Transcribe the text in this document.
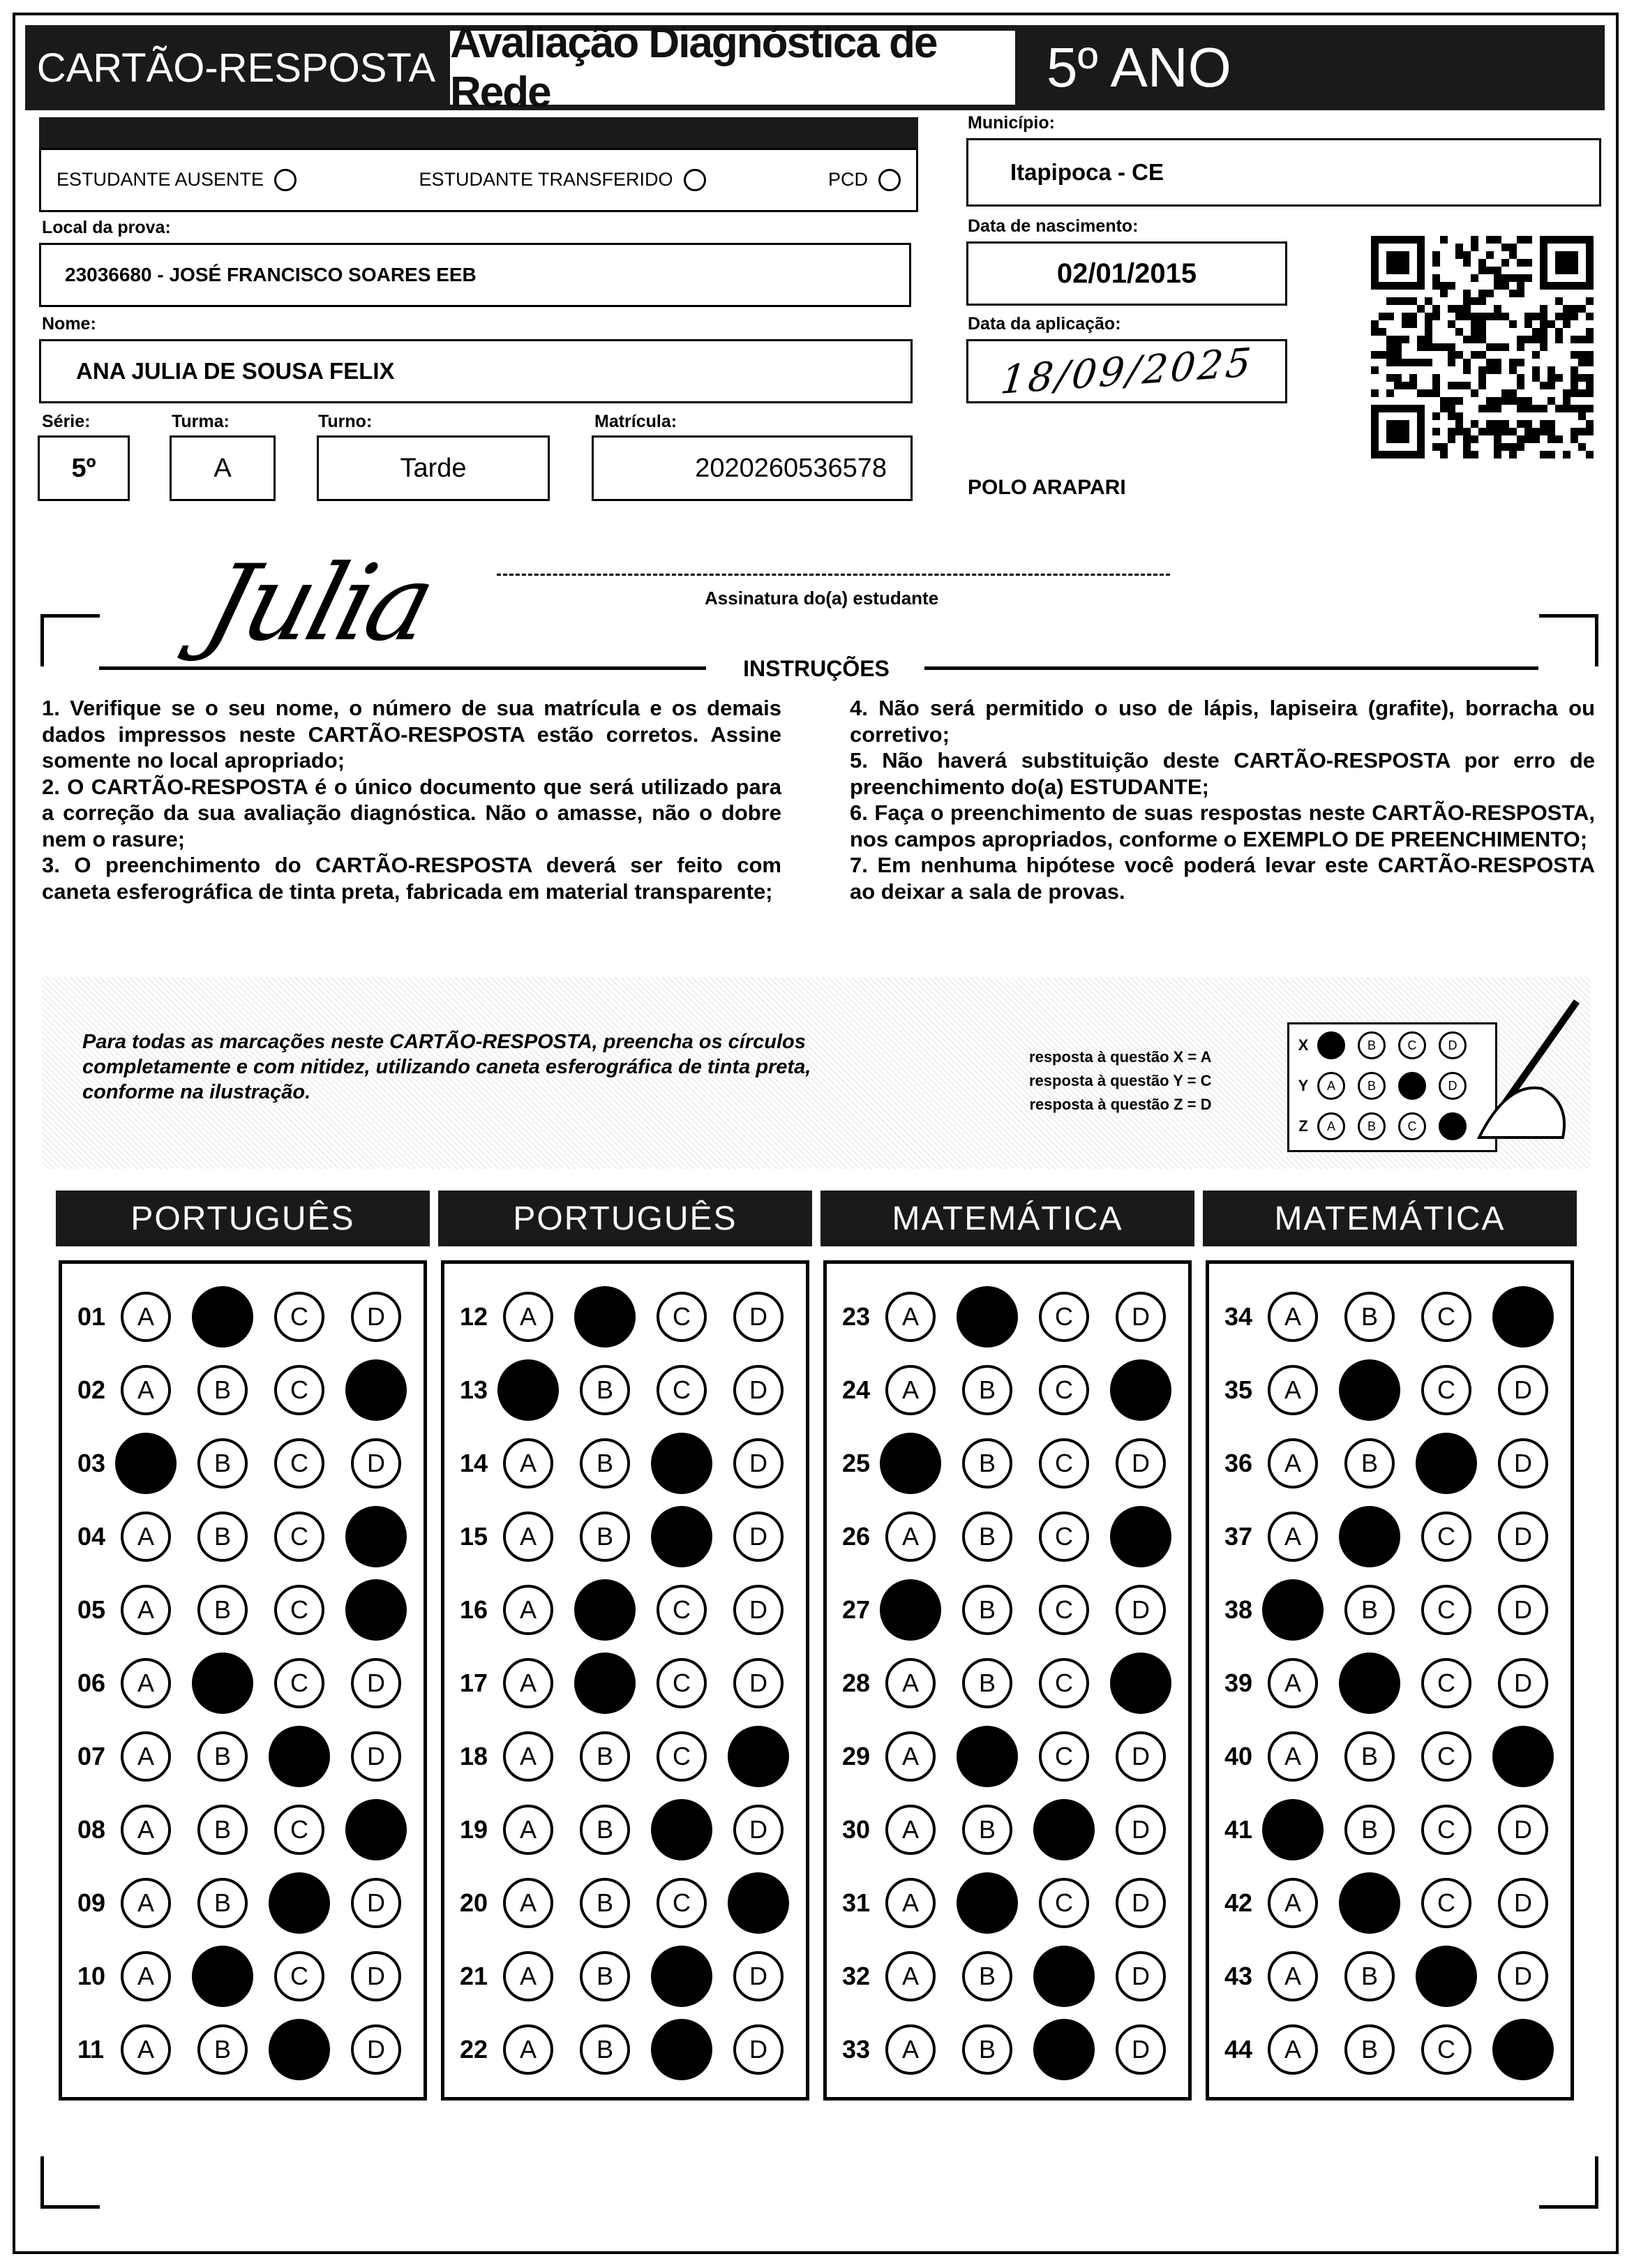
CARTÃO-RESPOSTA
Avaliação Diagnóstica de Rede	5º ANO
ESTUDANTE AUSENTE	ESTUDANTE TRANSFERIDO	PCD
Município:
Itapipoca - CE
Local da prova:
23036680 - JOSÉ FRANCISCO SOARES EEB
Data de nascimento:
02/01/2015
Nome:
ANA JULIA DE SOUSA FELIX
Data da aplicação:
18/09/2025
Série:
5º
Turma:
A
Turno:
Tarde
Matrícula:
2020260536578
POLO ARAPARI
Julia	Assinatura do(a) estudante
INSTRUÇÕES

1. Verifique se o seu nome, o número de sua matrícula e os demais dados impressos neste CARTÃO-RESPOSTA estão corretos. Assine somente no local apropriado;

2. O CARTÃO-RESPOSTA é o único documento que será utilizado para a correção da sua avaliação diagnóstica. Não o amasse, não o dobre nem o rasure;

3. O preenchimento do CARTÃO-RESPOSTA deverá ser feito com caneta esferográfica de tinta preta, fabricada em material transparente;

4. Não será permitido o uso de lápis, lapiseira (grafite), borracha ou corretivo;

5. Não haverá substituição deste CARTÃO-RESPOSTA por erro de preenchimento do(a) ESTUDANTE;

6. Faça o preenchimento de suas respostas neste CARTÃO-RESPOSTA, nos campos apropriados, conforme o EXEMPLO DE PREENCHIMENTO;

7. Em nenhuma hipótese você poderá levar este CARTÃO-RESPOSTA ao deixar a sala de provas.

Para todas as marcações neste CARTÃO-RESPOSTA, preencha os círculos completamente e com nitidez, utilizando caneta esferográfica de tinta preta, conforme na ilustração.
resposta à questão X = A
resposta à questão Y = C
resposta à questão Z = D
X	A	B	C	D
Y	A	B	C	D
Z	A	B	C	D
PORTUGUÊS
01	A	B	C	D
02	A	B	C	D
03	A	B	C	D
04	A	B	C	D
05	A	B	C	D
06	A	B	C	D
07	A	B	C	D
08	A	B	C	D
09	A	B	C	D
10	A	B	C	D
11	A	B	C	D
PORTUGUÊS
12	A	B	C	D
13	A	B	C	D
14	A	B	C	D
15	A	B	C	D
16	A	B	C	D
17	A	B	C	D
18	A	B	C	D
19	A	B	C	D
20	A	B	C	D
21	A	B	C	D
22	A	B	C	D
MATEMÁTICA
23	A	B	C	D
24	A	B	C	D
25	A	B	C	D
26	A	B	C	D
27	A	B	C	D
28	A	B	C	D
29	A	B	C	D
30	A	B	C	D
31	A	B	C	D
32	A	B	C	D
33	A	B	C	D
MATEMÁTICA
34	A	B	C	D
35	A	B	C	D
36	A	B	C	D
37	A	B	C	D
38	A	B	C	D
39	A	B	C	D
40	A	B	C	D
41	A	B	C	D
42	A	B	C	D
43	A	B	C	D
44	A	B	C	D
